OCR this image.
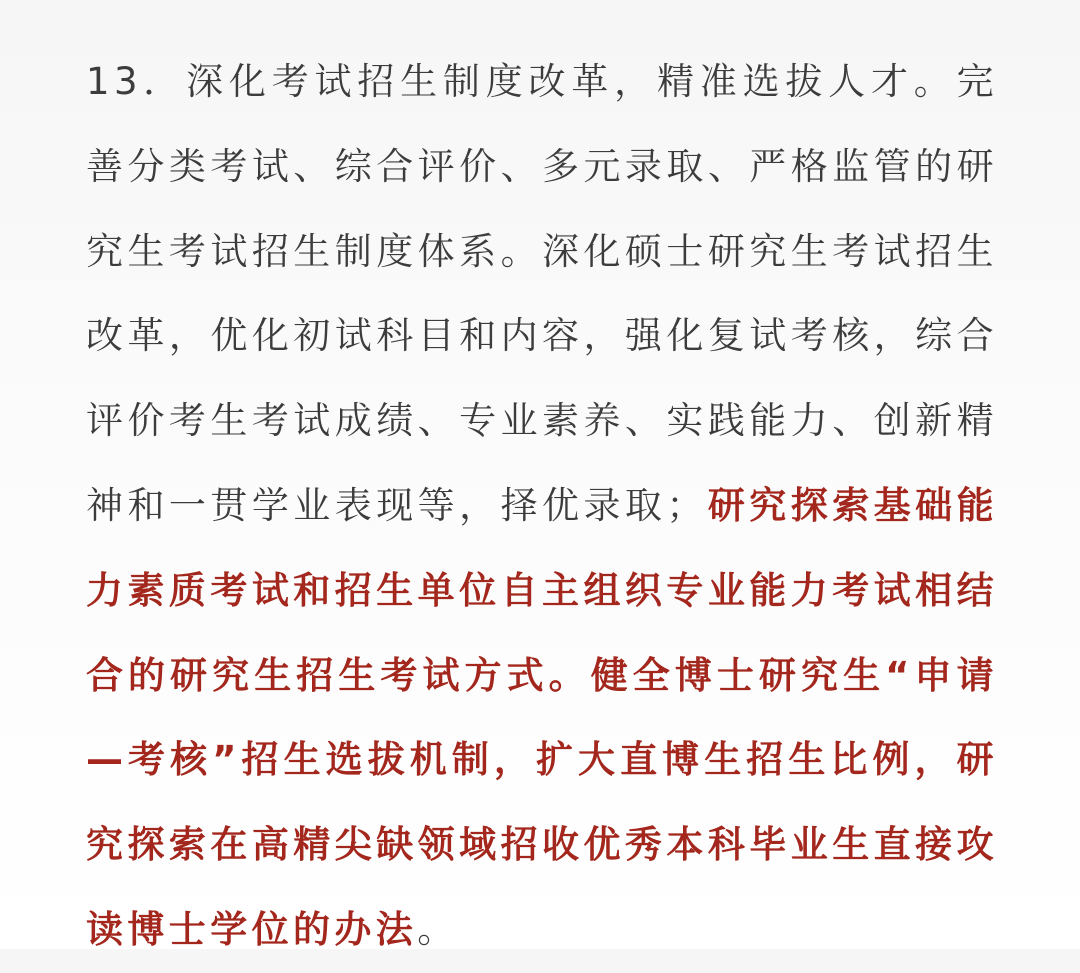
13．深化考试招生制度改革，精准选拔人才。完善分类考试、综合评价、多元录取、严格监管的研究生考试招生制度体系。深化硕士研究生考试招生改革，优化初试科目和内容，强化复试考核，综合评价考生考试成绩、专业素养、实践能力、创新精神和一贯学业表现等，择优录取；研究探索基础能力素质考试和招生单位自主组织专业能力考试相结合的研究生招生考试方式。健全博士研究生“申请—考核”招生选拔机制，扩大直博生招生比例，研究探索在高精尖缺领域招收优秀本科毕业生直接攻读博士学位的办法。
